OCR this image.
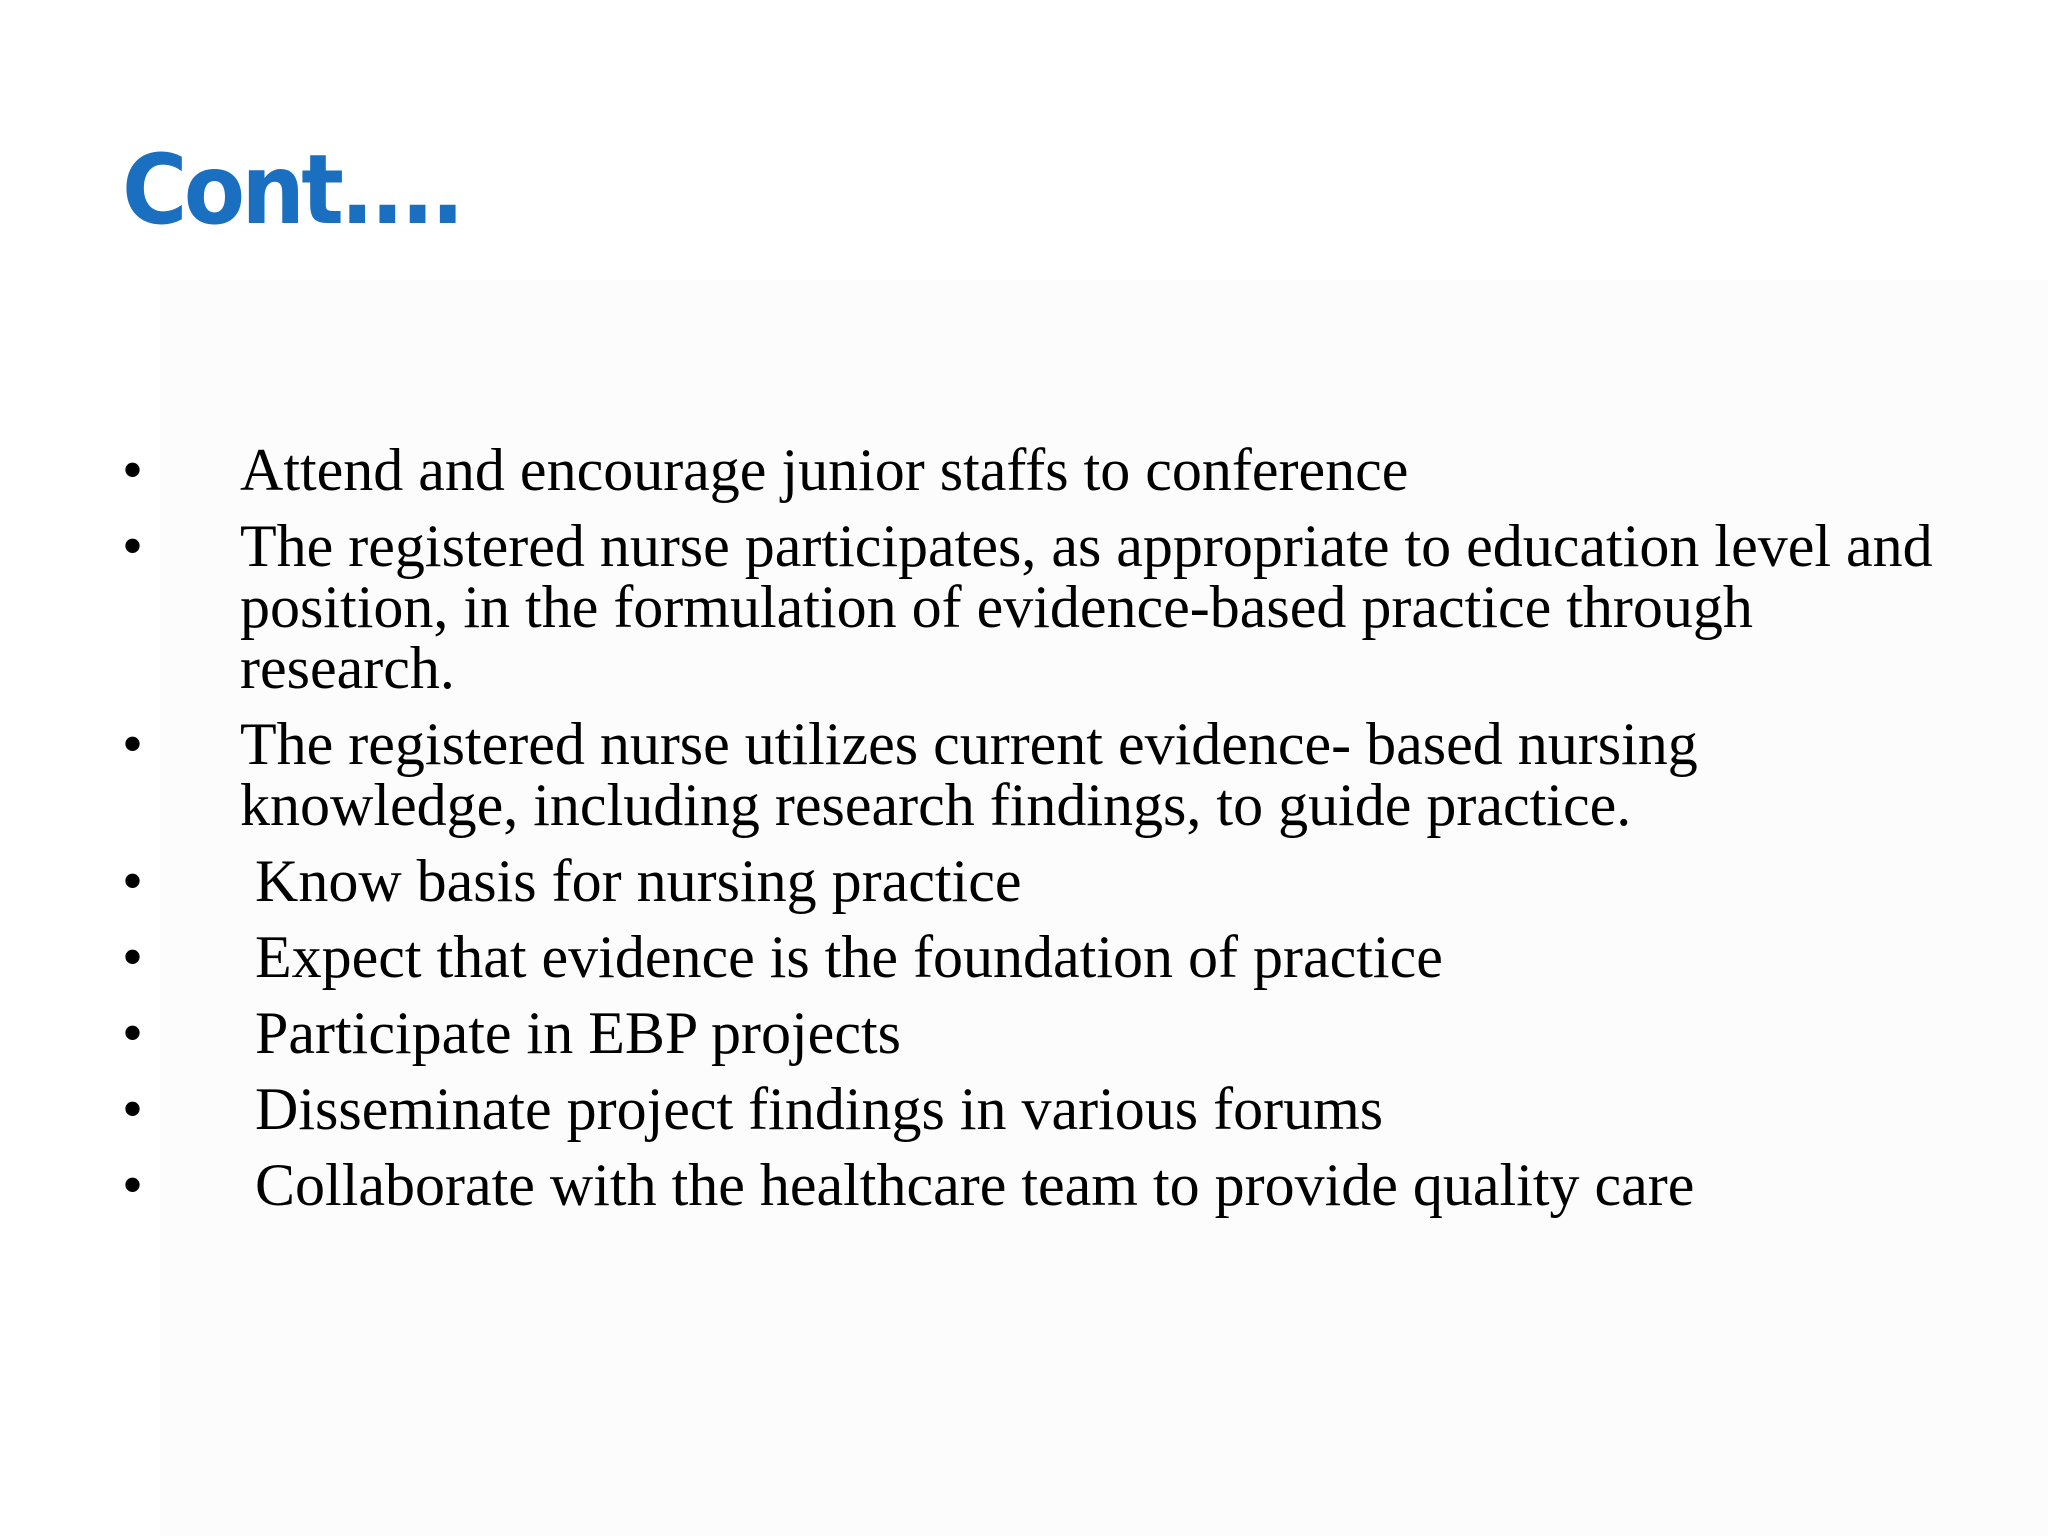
Cont....
• Attend and encourage junior staffs to conference
• The registered nurse participates, as appropriate to education level and position, in the formulation of evidence-based practice through research.
• The registered nurse utilizes current evidence- based nursing knowledge, including research findings, to guide practice.
• Know basis for nursing practice
• Expect that evidence is the foundation of practice
• Participate in EBP projects
• Disseminate project findings in various forums
• Collaborate with the healthcare team to provide quality care
